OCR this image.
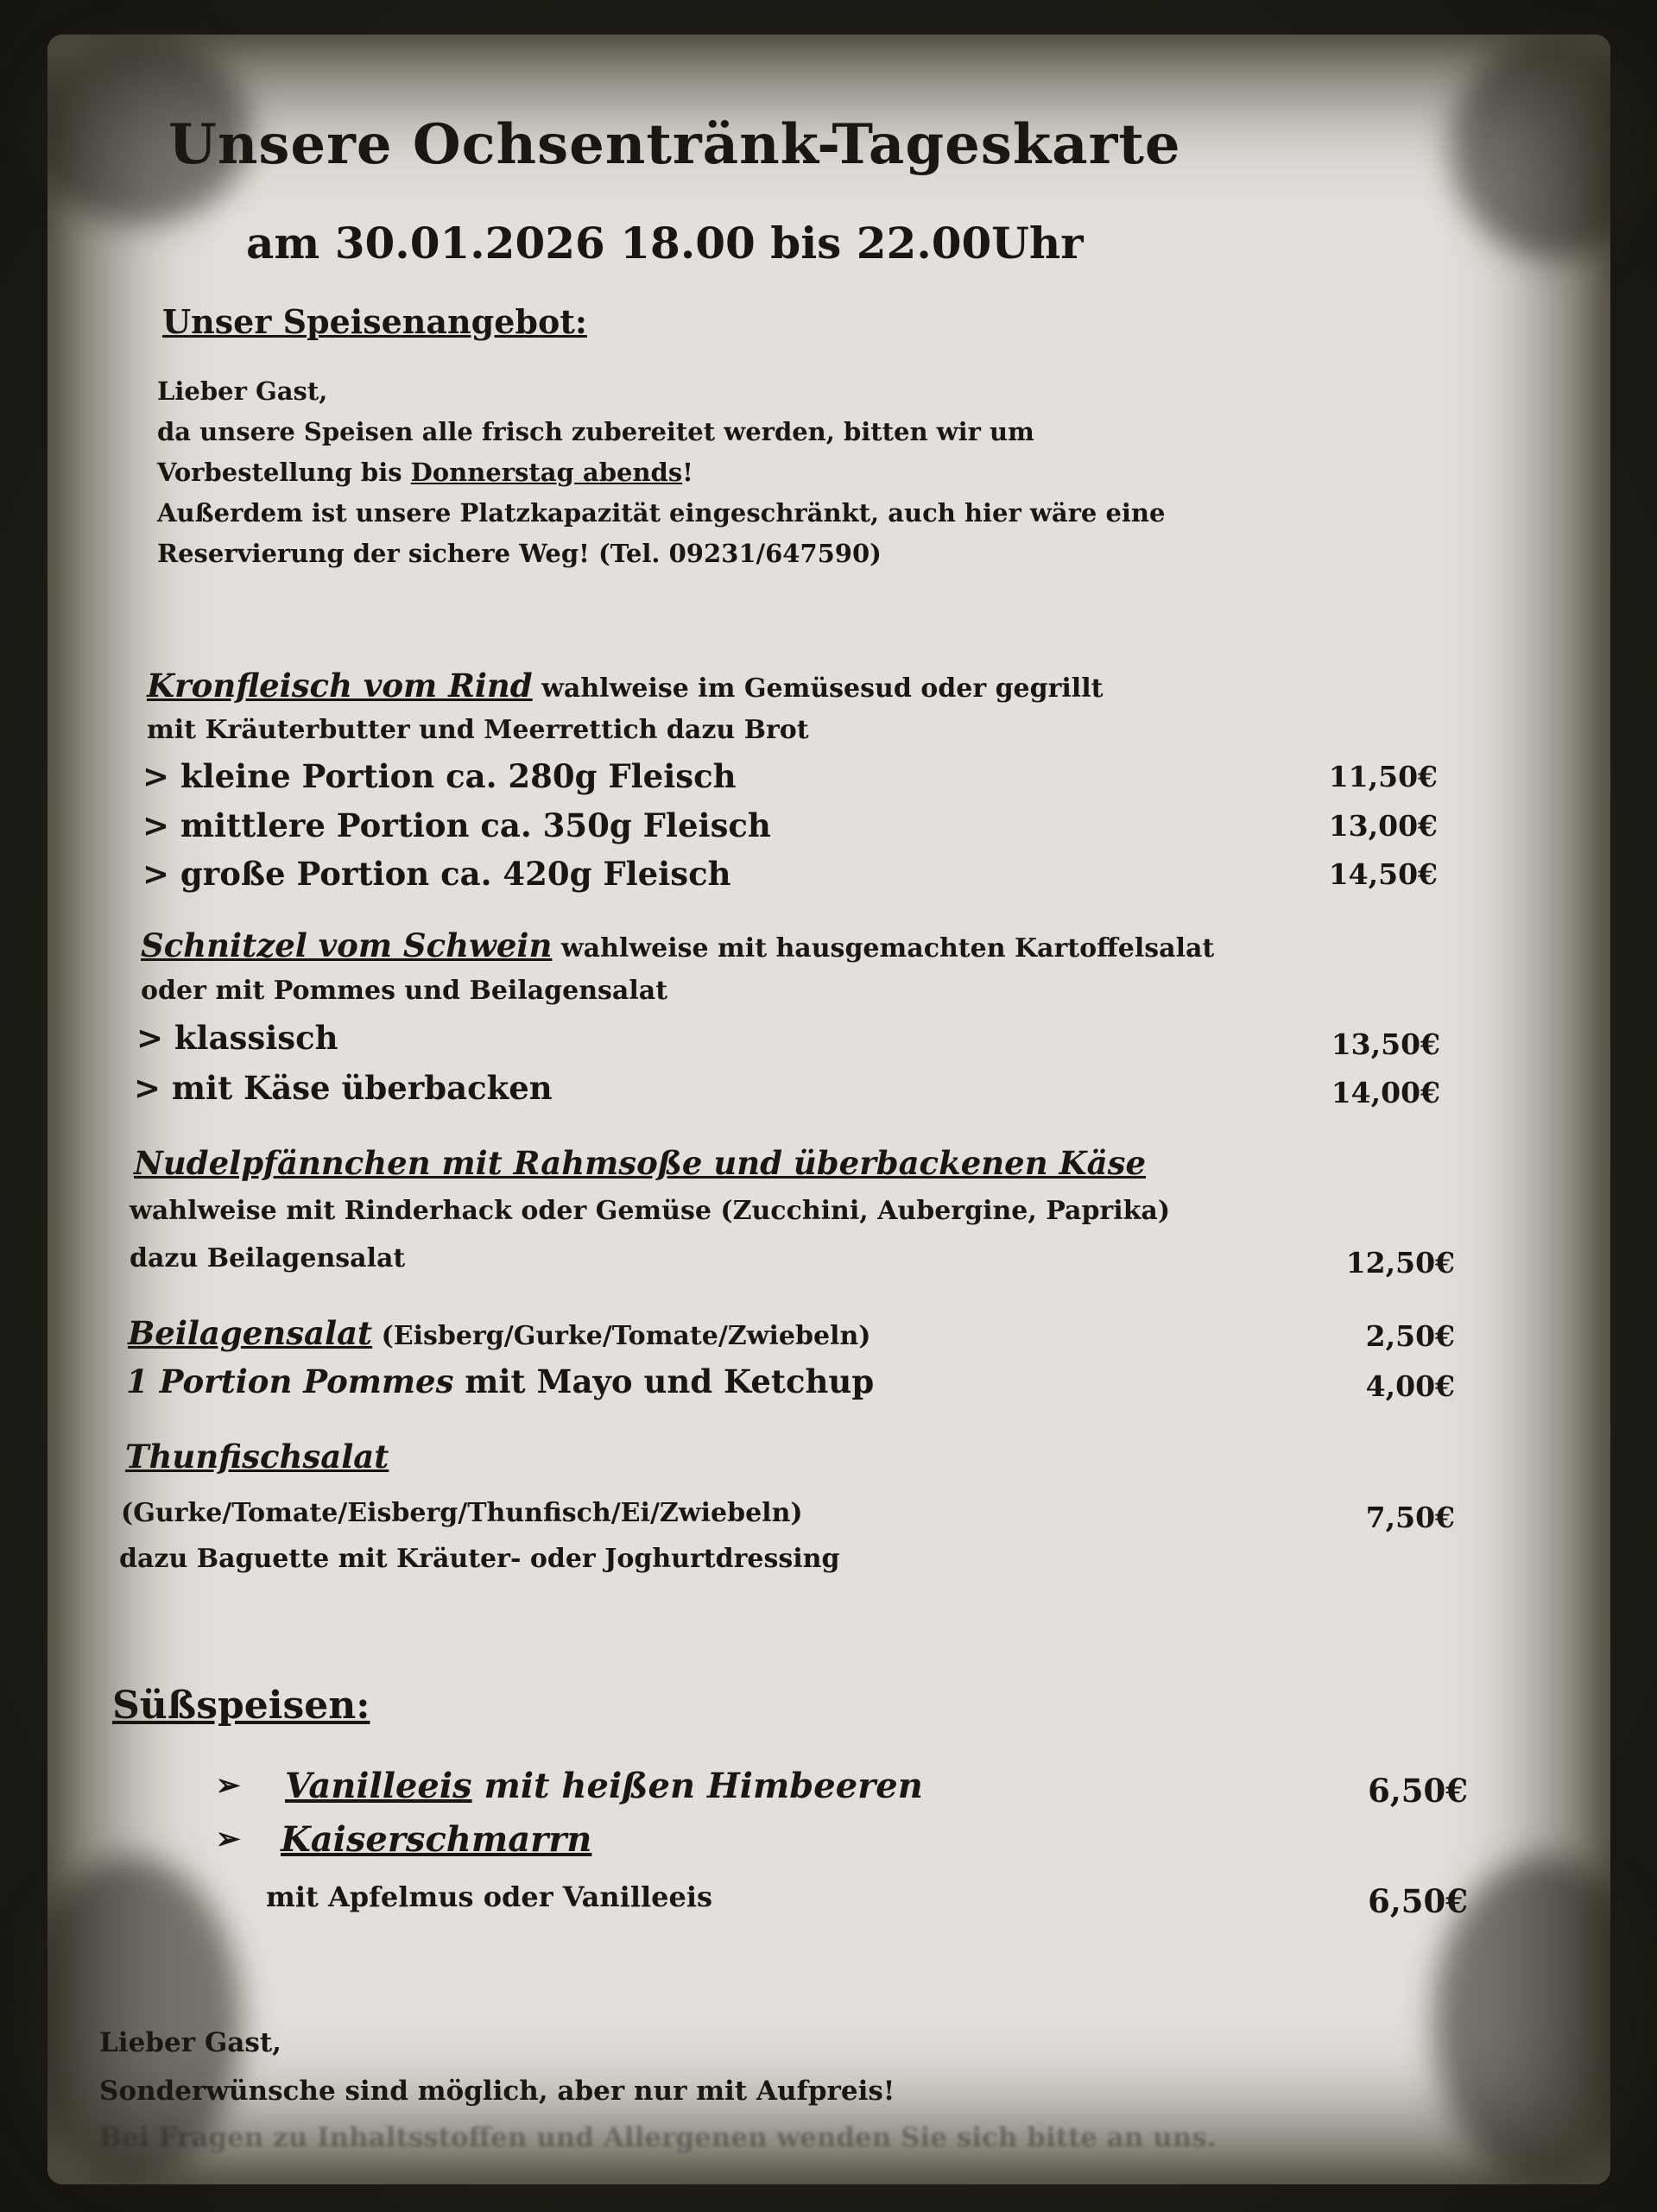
Unsere Ochsentränk-Tageskarte
am 30.01.2026 18.00 bis 22.00Uhr
Unser Speisenangebot:
Lieber Gast,
da unsere Speisen alle frisch zubereitet werden, bitten wir um
Vorbestellung bis Donnerstag abends!
Außerdem ist unsere Platzkapazität eingeschränkt, auch hier wäre eine
Reservierung der sichere Weg! (Tel. 09231/647590)
Kronfleisch vom Rind wahlweise im Gemüsesud oder gegrillt
mit Kräuterbutter und Meerrettich dazu Brot
> kleine Portion ca. 280g Fleisch	11,50€
> mittlere Portion ca. 350g Fleisch	13,00€
> große Portion ca. 420g Fleisch	14,50€
Schnitzel vom Schwein wahlweise mit hausgemachten Kartoffelsalat
oder mit Pommes und Beilagensalat
> klassisch	13,50€
> mit Käse überbacken	14,00€
Nudelpfännchen mit Rahmsoße und überbackenen Käse
wahlweise mit Rinderhack oder Gemüse (Zucchini, Aubergine, Paprika)
dazu Beilagensalat	12,50€
Beilagensalat (Eisberg/Gurke/Tomate/Zwiebeln)	2,50€
1 Portion Pommes mit Mayo und Ketchup	4,00€
Thunfischsalat
(Gurke/Tomate/Eisberg/Thunfisch/Ei/Zwiebeln)	7,50€
dazu Baguette mit Kräuter- oder Joghurtdressing
Süßspeisen:
➢ Vanilleeis mit heißen Himbeeren	6,50€
➢ Kaiserschmarrn
mit Apfelmus oder Vanilleeis	6,50€
Lieber Gast,
Sonderwünsche sind möglich, aber nur mit Aufpreis!
Bei Fragen zu Inhaltsstoffen und Allergenen wenden Sie sich bitte an uns.
